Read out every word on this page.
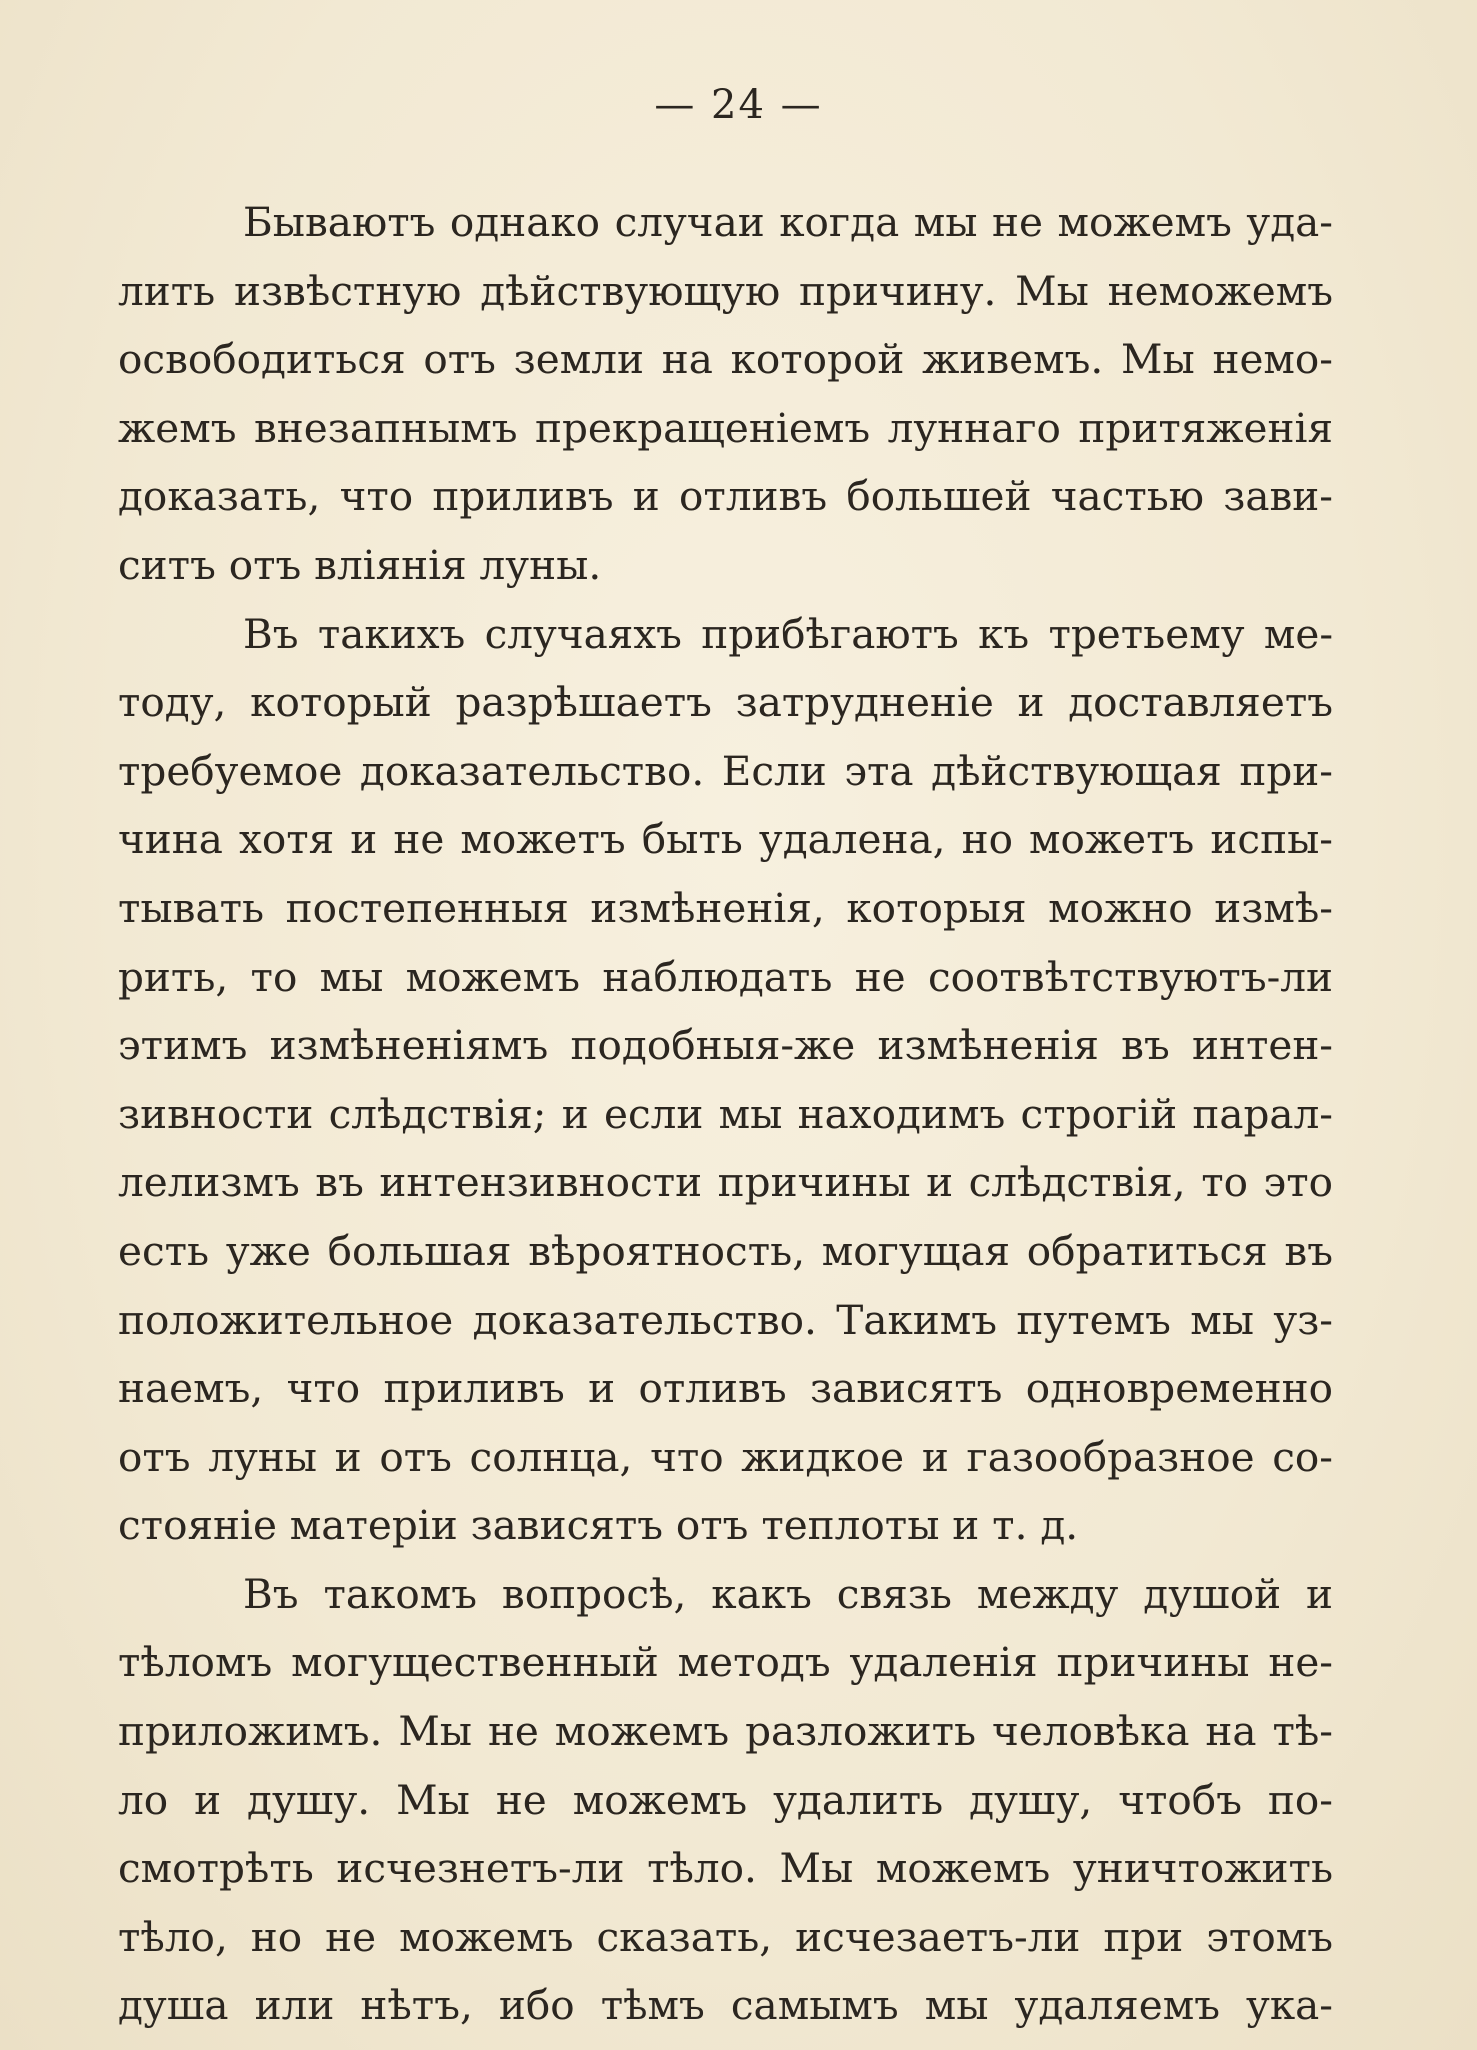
— 24 —
Бываютъ однако случаи когда мы не можемъ уда-
лить извѣстную дѣйствующую причину. Мы неможемъ
освободиться отъ земли на которой живемъ. Мы немо-
жемъ внезапнымъ прекращеніемъ луннаго притяженія
доказать, что приливъ и отливъ большей частью зави-
ситъ отъ вліянія луны.
Въ такихъ случаяхъ прибѣгаютъ къ третьему ме-
тоду, который разрѣшаетъ затрудненіе и доставляетъ
требуемое доказательство. Если эта дѣйствующая при-
чина хотя и не можетъ быть удалена, но можетъ испы-
тывать постепенныя измѣненія, которыя можно измѣ-
рить, то мы можемъ наблюдать не соотвѣтствуютъ-ли
этимъ измѣненіямъ подобныя-же измѣненія въ интен-
зивности слѣдствія; и если мы находимъ строгій парал-
лелизмъ въ интензивности причины и слѣдствія, то это
есть уже большая вѣроятность, могущая обратиться въ
положительное доказательство. Такимъ путемъ мы уз-
наемъ, что приливъ и отливъ зависятъ одновременно
отъ луны и отъ солнца, что жидкое и газообразное со-
стояніе матеріи зависятъ отъ теплоты и т. д.
Въ такомъ вопросѣ, какъ связь между душой и
тѣломъ могущественный методъ удаленія причины не-
приложимъ. Мы не можемъ разложить человѣка на тѣ-
ло и душу. Мы не можемъ удалить душу, чтобъ по-
смотрѣть исчезнетъ-ли тѣло. Мы можемъ уничтожить
тѣло, но не можемъ сказать, исчезаетъ-ли при этомъ
душа или нѣтъ, ибо тѣмъ самымъ мы удаляемъ ука-
